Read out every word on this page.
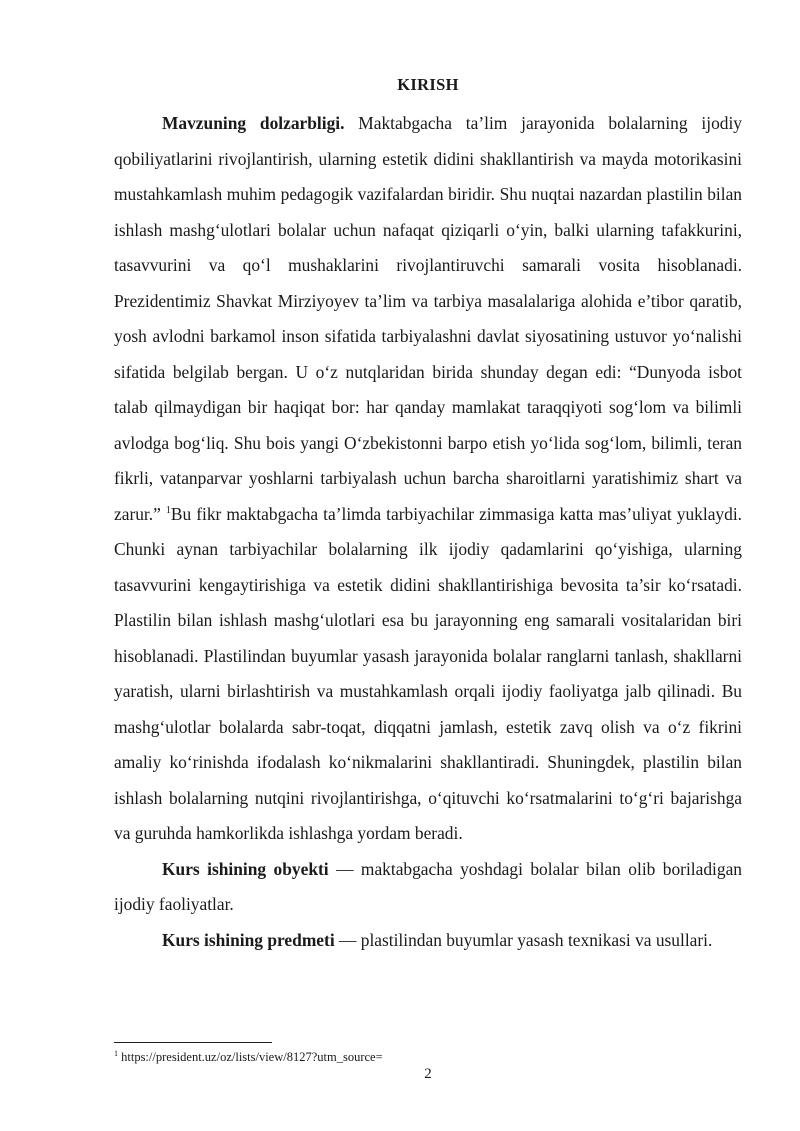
KIRISH

Mavzuning dolzarbligi. Maktabgacha ta’lim jarayonida bolalarning ijodiy qobiliyatlarini rivojlantirish, ularning estetik didini shakllantirish va mayda motorikasini mustahkamlash muhim pedagogik vazifalardan biridir. Shu nuqtai nazardan plastilin bilan ishlash mashg‘ulotlari bolalar uchun nafaqat qiziqarli o‘yin, balki ularning tafakkurini, tasavvurini va qo‘l mushaklarini rivojlantiruvchi samarali vosita hisoblanadi. Prezidentimiz Shavkat Mirziyoyev ta’lim va tarbiya masalalariga alohida e’tibor qaratib, yosh avlodni barkamol inson sifatida tarbiyalashni davlat siyosatining ustuvor yo‘nalishi sifatida belgilab bergan. U o‘z nutqlaridan birida shunday degan edi: “Dunyoda isbot talab qilmaydigan bir haqiqat bor: har qanday mamlakat taraqqiyoti sog‘lom va bilimli avlodga bog‘liq. Shu bois yangi O‘zbekistonni barpo etish yo‘lida sog‘lom, bilimli, teran fikrli, vatanparvar yoshlarni tarbiyalash uchun barcha sharoitlarni yaratishimiz shart va zarur.” $^1$Bu fikr maktabgacha ta’limda tarbiyachilar zimmasiga katta mas’uliyat yuklaydi. Chunki aynan tarbiyachilar bolalarning ilk ijodiy qadamlarini qo‘yishiga, ularning tasavvurini kengaytirishiga va estetik didini shakllantirishiga bevosita ta’sir ko‘rsatadi. Plastilin bilan ishlash mashg‘ulotlari esa bu jarayonning eng samarali vositalaridan biri hisoblanadi. Plastilindan buyumlar yasash jarayonida bolalar ranglarni tanlash, shakllarni yaratish, ularni birlashtirish va mustahkamlash orqali ijodiy faoliyatga jalb qilinadi. Bu mashg‘ulotlar bolalarda sabr-toqat, diqqatni jamlash, estetik zavq olish va o‘z fikrini amaliy ko‘rinishda ifodalash ko‘nikmalarini shakllantiradi. Shuningdek, plastilin bilan ishlash bolalarning nutqini rivojlantirishga, o‘qituvchi ko‘rsatmalarini to‘g‘ri bajarishga va guruhda hamkorlikda ishlashga yordam beradi.

Kurs ishining obyekti — maktabgacha yoshdagi bolalar bilan olib boriladigan ijodiy faoliyatlar.

Kurs ishining predmeti — plastilindan buyumlar yasash texnikasi va usullari.

$^1$ https://president.uz/oz/lists/view/8127?utm_source=
2
